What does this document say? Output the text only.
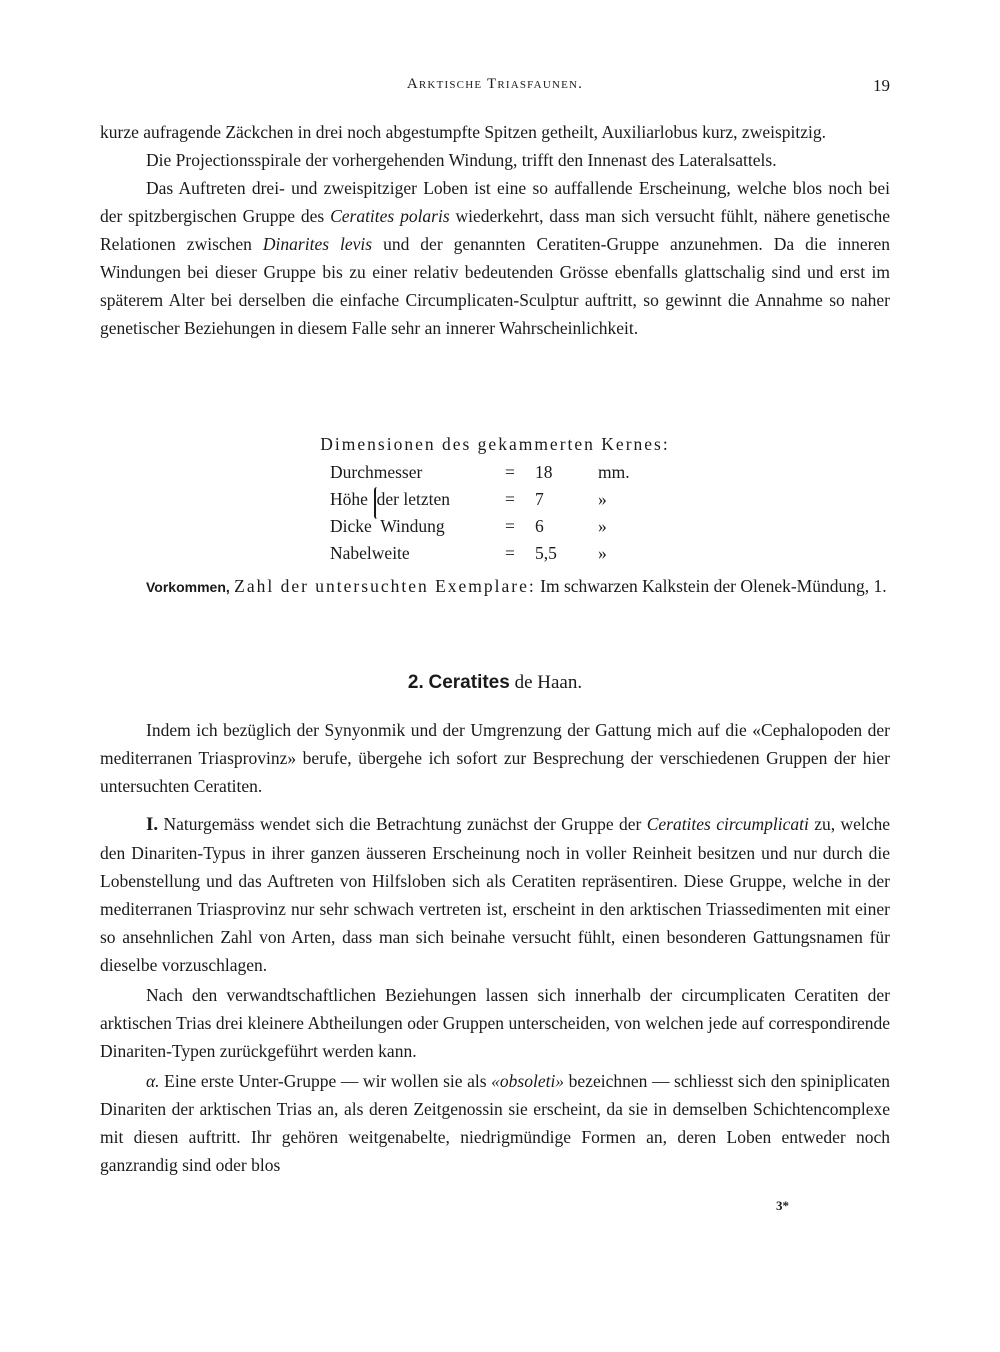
Arktische Triasfaunen.	19

kurze aufragende Zäckchen in drei noch abgestumpfte Spitzen getheilt, Auxiliarlobus kurz, zweispitzig.

Die Projectionsspirale der vorhergehenden Windung, trifft den Innenast des Lateralsattels.

Das Auftreten drei- und zweispitziger Loben ist eine so auffallende Erscheinung, welche blos noch bei der spitzbergischen Gruppe des Ceratites polaris wiederkehrt, dass man sich versucht fühlt, nähere genetische Relationen zwischen Dinarites levis und der genannten Ceratiten-Gruppe anzunehmen. Da die inneren Windungen bei dieser Gruppe bis zu einer relativ bedeutenden Grösse ebenfalls glattschalig sind und erst im späterem Alter bei derselben die einfache Circumplicaten-Sculptur auftritt, so gewinnt die Annahme so naher genetischer Beziehungen in diesem Falle sehr an innerer Wahrscheinlichkeit.

Dimensionen des gekammerten Kernes:
Durchmesser	= 18	mm.
Höhe  der letzten	= 7	»
Dicke  Windung	= 6	»
Nabelweite	= 5,5 »

Vorkommen, Zahl der untersuchten Exemplare: Im schwarzen Kalkstein der Olenek-Mündung, 1.

2. Ceratites de Haan.

Indem ich bezüglich der Synyonmik und der Umgrenzung der Gattung mich auf die «Cephalopoden der mediterranen Triasprovinz» berufe, übergehe ich sofort zur Besprechung der verschiedenen Gruppen der hier untersuchten Ceratiten.

I. Naturgemäss wendet sich die Betrachtung zunächst der Gruppe der Ceratites circumplicati zu, welche den Dinariten-Typus in ihrer ganzen äusseren Erscheinung noch in voller Reinheit besitzen und nur durch die Lobenstellung und das Auftreten von Hilfsloben sich als Ceratiten repräsentiren. Diese Gruppe, welche in der mediterranen Triasprovinz nur sehr schwach vertreten ist, erscheint in den arktischen Triassedimenten mit einer so ansehnlichen Zahl von Arten, dass man sich beinahe versucht fühlt, einen besonderen Gattungsnamen für dieselbe vorzuschlagen.

Nach den verwandtschaftlichen Beziehungen lassen sich innerhalb der circumplicaten Ceratiten der arktischen Trias drei kleinere Abtheilungen oder Gruppen unterscheiden, von welchen jede auf correspondirende Dinariten-Typen zurückgeführt werden kann.

α. Eine erste Unter-Gruppe — wir wollen sie als «obsoleti» bezeichnen — schliesst sich den spiniplicaten Dinariten der arktischen Trias an, als deren Zeitgenossin sie erscheint, da sie in demselben Schichtencomplexe mit diesen auftritt. Ihr gehören weitgenabelte, niedrigmündige Formen an, deren Loben entweder noch ganzrandig sind oder blos

3*
